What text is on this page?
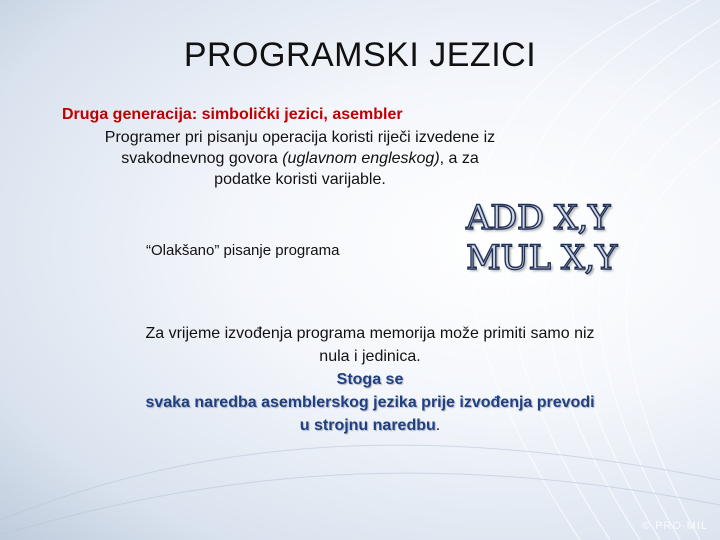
PROGRAMSKI JEZICI
Druga generacija: simbolički jezici, asembler
Programer pri pisanju operacija koristi riječi izvedene iz
svakodnevnog govora (uglavnom engleskog), a za
podatke koristi varijable.
“Olakšano” pisanje programa
ADD X,Y
MUL X,Y
Za vrijeme izvođenja programa memorija može primiti samo niz
nula i jedinica.
Stoga se
svaka naredba asemblerskog jezika prije izvođenja prevodi
u strojnu naredbu.
© PRO-MIL
